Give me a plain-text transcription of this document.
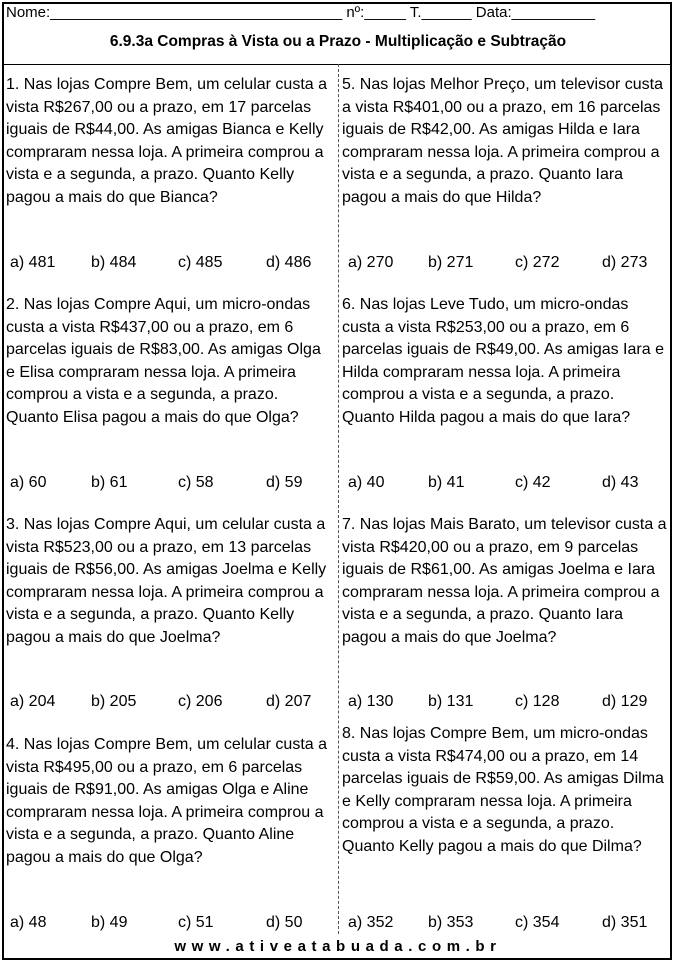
Nome:___________________________________ nº:_____ T.______ Data:__________
6.9.3a Compras à Vista ou a Prazo - Multiplicação e Subtração
1. Nas lojas Compre Bem, um celular custa a vista R$267,00 ou a prazo, em 17 parcelas iguais de R$44,00. As amigas Bianca e Kelly compraram nessa loja. A primeira comprou a vista e a segunda, a prazo. Quanto Kelly pagou a mais do que Bianca?
a) 481 b) 484	c) 485	d) 486
2. Nas lojas Compre Aqui, um micro-ondas custa a vista R$437,00 ou a prazo, em 6 parcelas iguais de R$83,00. As amigas Olga e Elisa compraram nessa loja. A primeira comprou a vista e a segunda, a prazo. Quanto Elisa pagou a mais do que Olga?
a) 60	b) 61	c) 58	d) 59
3. Nas lojas Compre Aqui, um celular custa a vista R$523,00 ou a prazo, em 13 parcelas iguais de R$56,00. As amigas Joelma e Kelly compraram nessa loja. A primeira comprou a vista e a segunda, a prazo. Quanto Kelly pagou a mais do que Joelma?
a) 204 b) 205	c) 206	d) 207
4. Nas lojas Compre Bem, um celular custa a vista R$495,00 ou a prazo, em 6 parcelas iguais de R$91,00. As amigas Olga e Aline compraram nessa loja. A primeira comprou a vista e a segunda, a prazo. Quanto Aline pagou a mais do que Olga?
a) 48	b) 49	c) 51	d) 50
5. Nas lojas Melhor Preço, um televisor custa a vista R$401,00 ou a prazo, em 16 parcelas iguais de R$42,00. As amigas Hilda e Iara compraram nessa loja. A primeira comprou a vista e a segunda, a prazo. Quanto Iara pagou a mais do que Hilda?
a) 270 b) 271	c) 272	d) 273
6. Nas lojas Leve Tudo, um micro-ondas custa a vista R$253,00 ou a prazo, em 6 parcelas iguais de R$49,00. As amigas Iara e Hilda compraram nessa loja. A primeira comprou a vista e a segunda, a prazo. Quanto Hilda pagou a mais do que Iara?
a) 40	b) 41	c) 42	d) 43
7. Nas lojas Mais Barato, um televisor custa a vista R$420,00 ou a prazo, em 9 parcelas iguais de R$61,00. As amigas Joelma e Iara compraram nessa loja. A primeira comprou a vista e a segunda, a prazo. Quanto Iara pagou a mais do que Joelma?
a) 130 b) 131	c) 128	d) 129
8. Nas lojas Compre Bem, um micro-ondas custa a vista R$474,00 ou a prazo, em 14 parcelas iguais de R$59,00. As amigas Dilma e Kelly compraram nessa loja. A primeira comprou a vista e a segunda, a prazo. Quanto Kelly pagou a mais do que Dilma?
a) 352 b) 353	c) 354	d) 351
www.ativeatabuada.com.br
